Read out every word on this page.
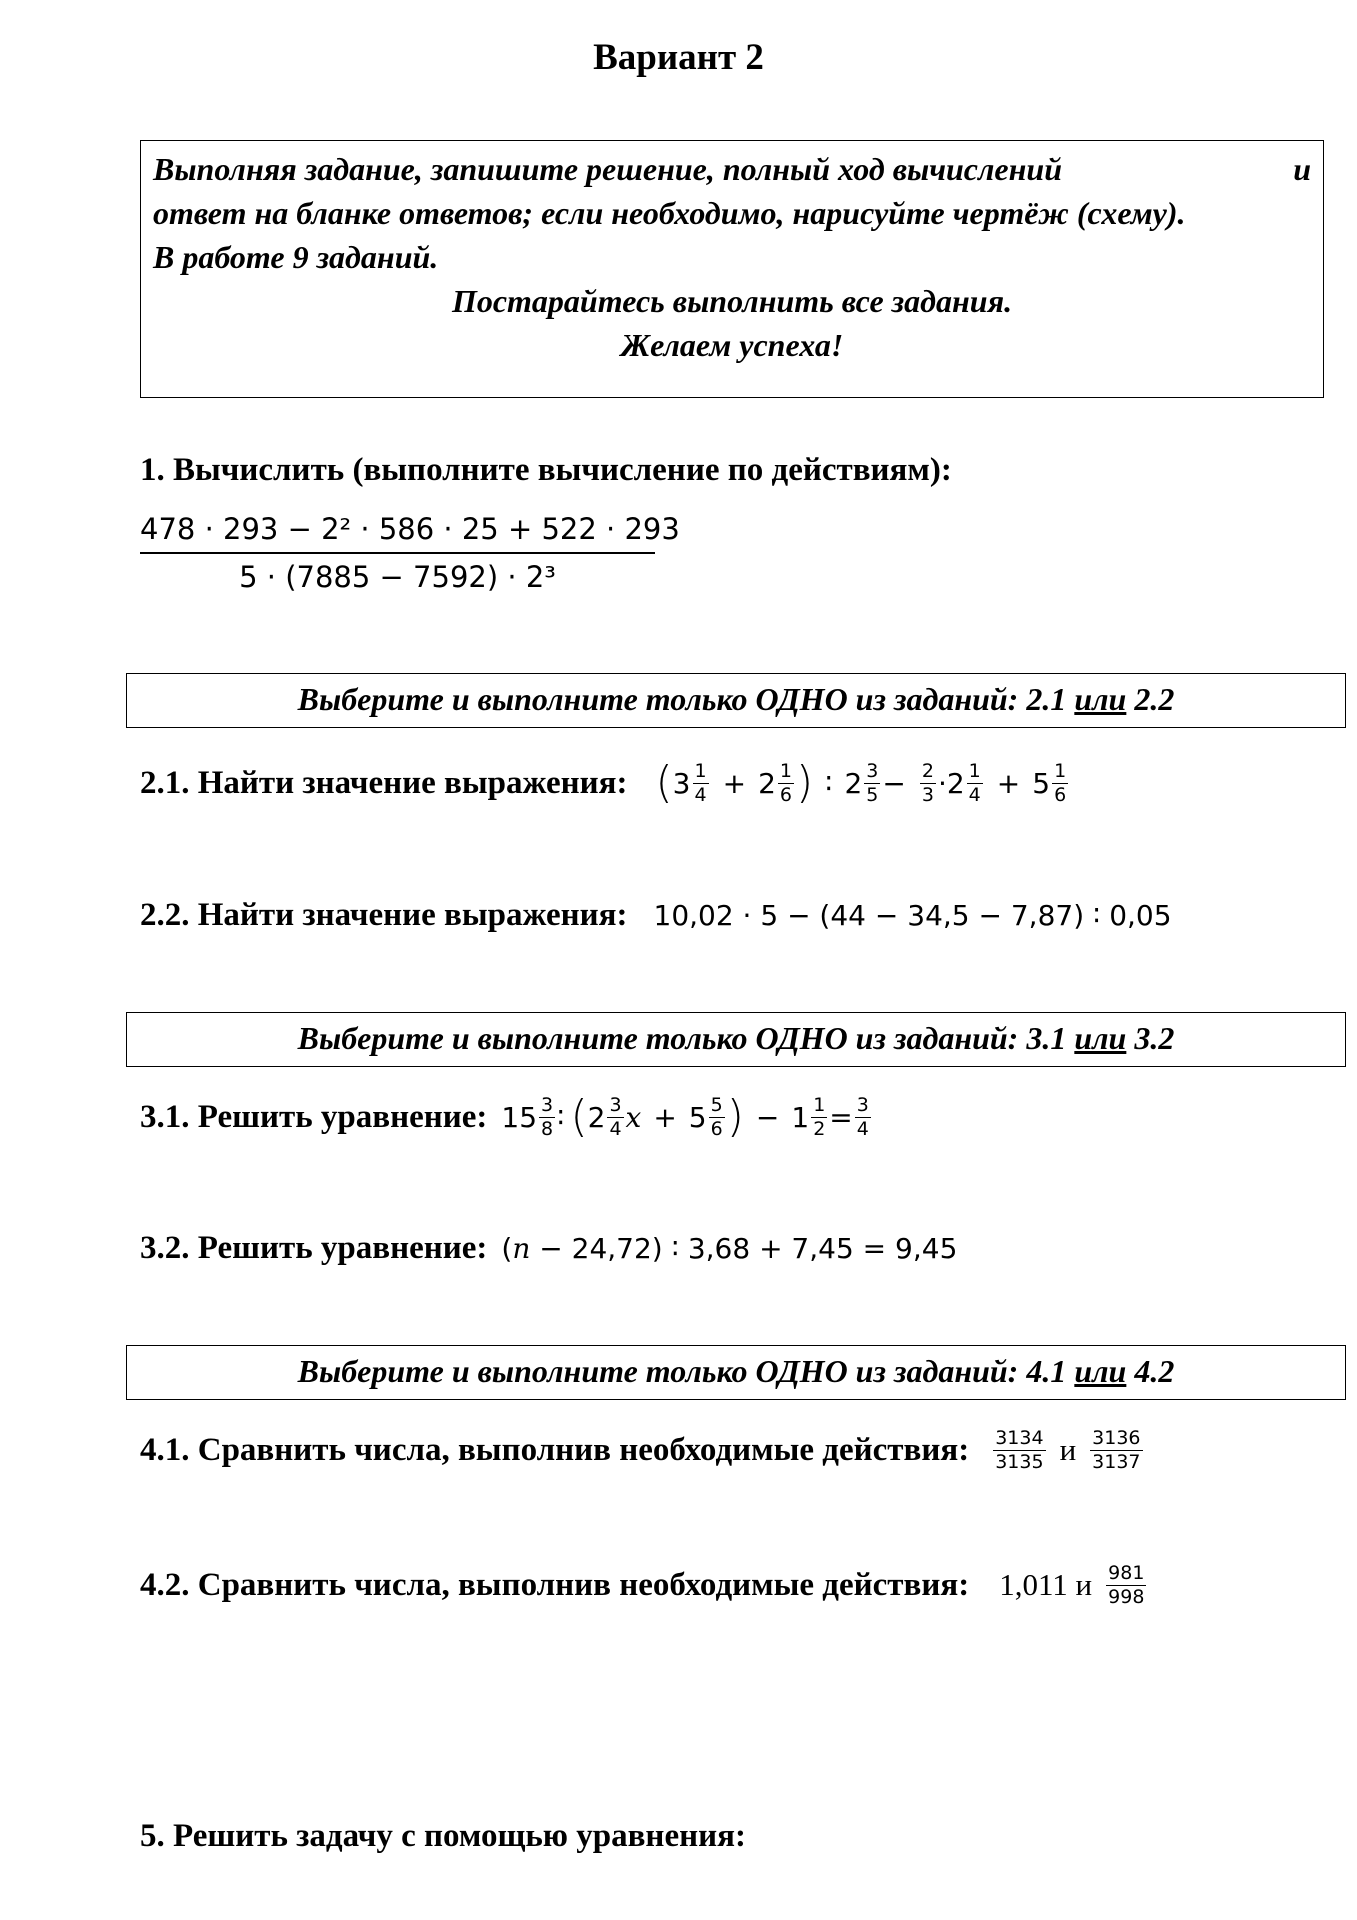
Вариант 2
Выполняя задание, запишите решение, полный ход вычислений	и
ответ на бланке ответов; если необходимо, нарисуйте чертёж (схему).
В работе 9 заданий.
Постарайтесь выполнить все задания.
Желаем успеха!
1. Вычислить (выполните вычисление по действиям):
$\frac{\text{478 · 293 − 2² · 586 · 25 + 522 · 293}}{\text{5 · (7885 − 7592) · 2³}}$
Выберите и выполните только ОДНО из заданий: 2.1 или 2.2
2.1. Найти значение выражения: ( $3 \frac{1}{4} + 2 \frac{1}{6}$ ) ∶ $2 \frac{3}{5} - \frac{2}{3} \cdot 2 \frac{1}{4} + 5 \frac{1}{6}$
2.2. Найти значение выражения: 10,02 · 5 − (44 − 34,5 − 7,87) ∶ 0,05
Выберите и выполните только ОДНО из заданий: 3.1 или 3.2
3.1. Решить уравнение: $15 \frac{3}{8}$ ∶ ( $2 \frac{3}{4}$ $x + 5 \frac{5}{6}$ ) − $1 \frac{1}{2} = \frac{3}{4}$
3.2. Решить уравнение: (n − 24,72) ∶ 3,68 + 7,45 = 9,45
Выберите и выполните только ОДНО из заданий: 4.1 или 4.2
4.1. Сравнить числа, выполнив необходимые действия: $\frac{3134}{3135}$ и $\frac{3136}{3137}$
4.2. Сравнить числа, выполнив необходимые действия: 1,011 и $\frac{981}{998}$
5. Решить задачу с помощью уравнения:
